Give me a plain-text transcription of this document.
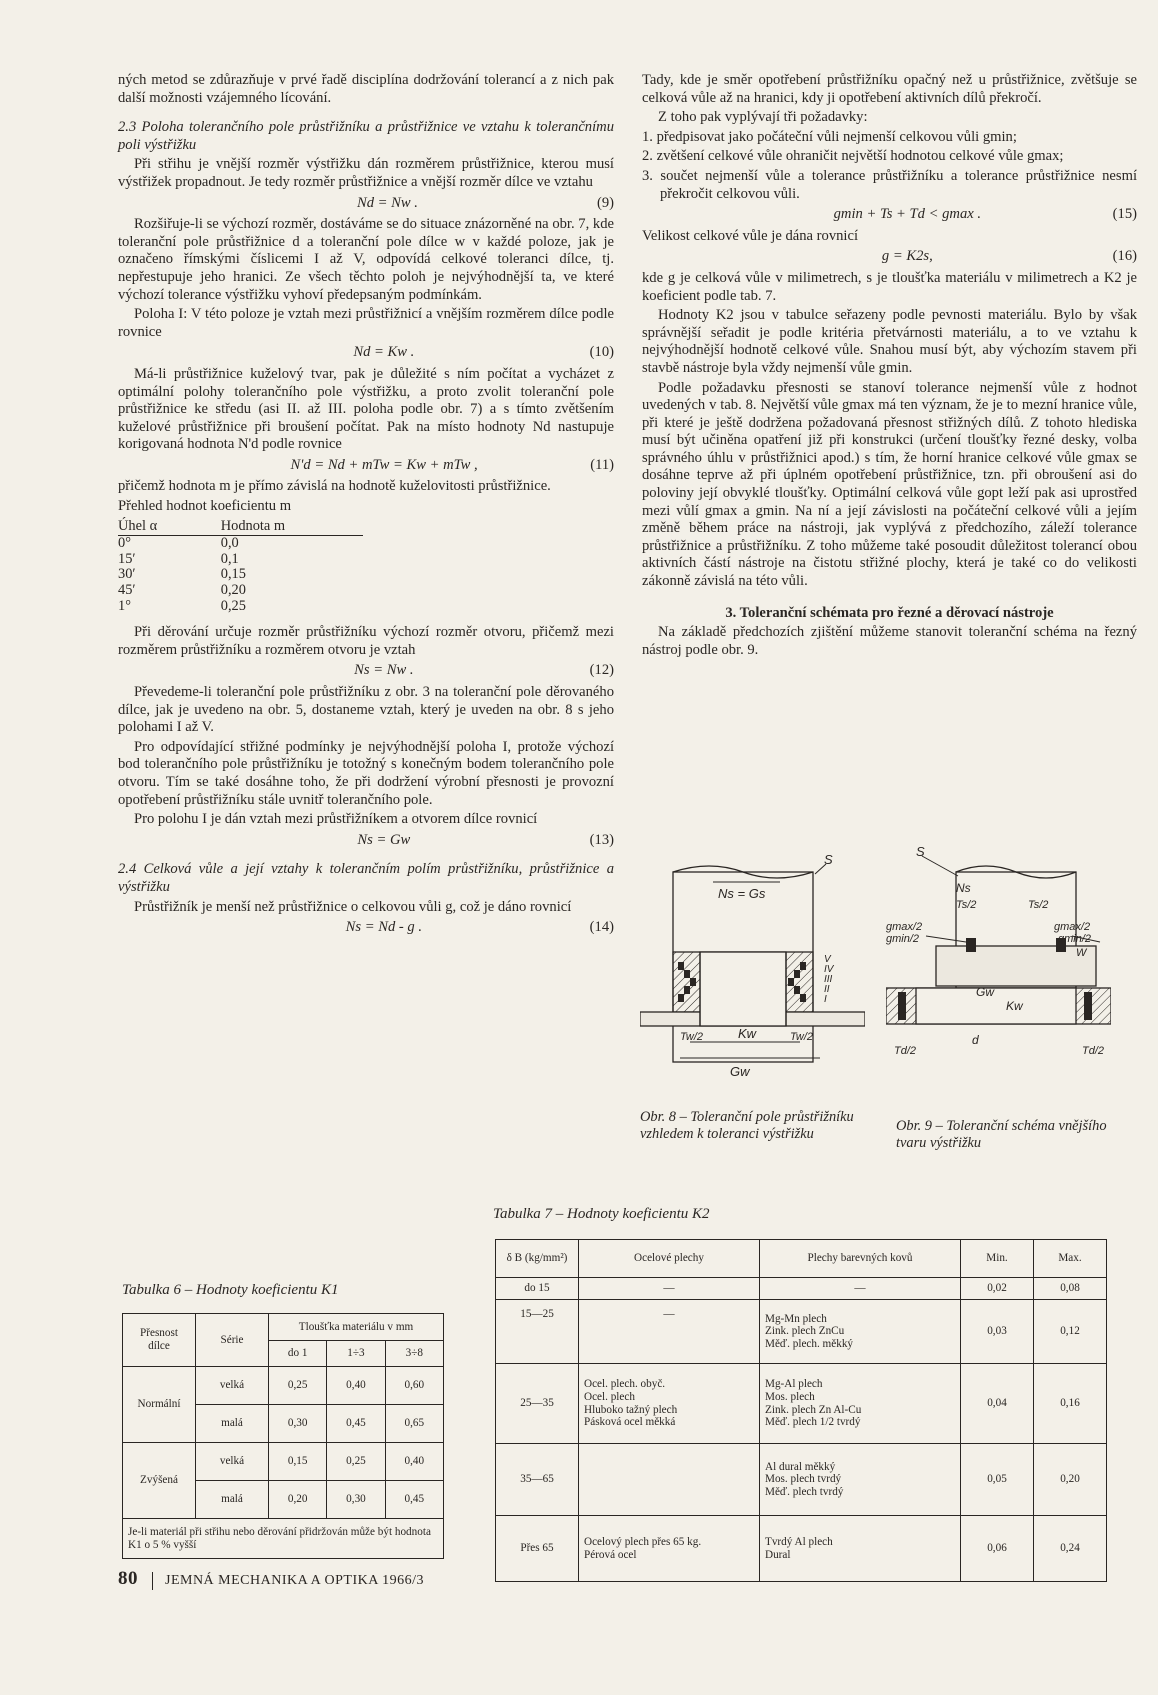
ných metod se zdůrazňuje v prvé řadě disciplína dodržování tolerancí a z nich pak další možnosti vzájemného lícování.

2.3 Poloha tolerančního pole průstřižníku a průstřižnice ve vztahu k tolerančnímu poli výstřižku

Při střihu je vnější rozměr výstřižku dán rozměrem průstřižnice, kterou musí výstřižek propadnout. Je tedy rozměr průstřižnice a vnější rozměr dílce ve vztahu

Nd = Nw .	(9)

Rozšiřuje-li se výchozí rozměr, dostáváme se do situace znázorněné na obr. 7, kde toleranční pole průstřižnice d a toleranční pole dílce w v každé poloze, jak je označeno římskými číslicemi I až V, odpovídá celkové toleranci dílce, tj. nepřestupuje jeho hranici. Ze všech těchto poloh je nejvýhodnější ta, ve které výchozí tolerance výstřižku vyhoví předepsaným podmínkám.

Poloha I: V této poloze je vztah mezi průstřižnicí a vnějším rozměrem dílce podle rovnice

Nd = Kw .	(10)

Má-li průstřižnice kuželový tvar, pak je důležité s ním počítat a vycházet z optimální polohy tolerančního pole výstřižku, a proto zvolit toleranční pole průstřižnice ke středu (asi II. až III. poloha podle obr. 7) a s tímto zvětšením kuželové průstřižnice při broušení počítat. Pak na místo hodnoty Nd nastupuje korigovaná hodnota N'd podle rovnice

N'd = Nd + mTw = Kw + mTw ,	(11)

přičemž hodnota m je přímo závislá na hodnotě kuželovitosti průstřižnice.

Přehled hodnot koeficientu m

Úhel α	Hodnota m
0°	0,0
15′	0,1
30′	0,15
45′	0,20
1°	0,25

Při děrování určuje rozměr průstřižníku výchozí rozměr otvoru, přičemž mezi rozměrem průstřižníku a rozměrem otvoru je vztah

Ns = Nw .	(12)

Převedeme-li toleranční pole průstřižníku z obr. 3 na toleranční pole děrovaného dílce, jak je uvedeno na obr. 5, dostaneme vztah, který je uveden na obr. 8 s jeho polohami I až V.

Pro odpovídající střižné podmínky je nejvýhodnější poloha I, protože výchozí bod tolerančního pole průstřižníku je totožný s konečným bodem tolerančního pole otvoru. Tím se také dosáhne toho, že při dodržení výrobní přesnosti je provozní opotřebení průstřižníku stále uvnitř tolerančního pole.

Pro polohu I je dán vztah mezi průstřižníkem a otvorem dílce rovnicí

Ns = Gw	(13)

2.4 Celková vůle a její vztahy k tolerančním polím průstřižníku, průstřižnice a výstřižku

Průstřižník je menší než průstřižnice o celkovou vůli g, což je dáno rovnicí

Ns = Nd - g .	(14)

Tady, kde je směr opotřebení průstřižníku opačný než u průstřižnice, zvětšuje se celková vůle až na hranici, kdy ji opotřebení aktivních dílů překročí.

Z toho pak vyplývají tři požadavky:

1. předpisovat jako počáteční vůli nejmenší celkovou vůli gmin;

2. zvětšení celkové vůle ohraničit největší hodnotou celkové vůle gmax;

3. součet nejmenší vůle a tolerance průstřižníku a tolerance průstřižnice nesmí překročit celkovou vůli.

gmin + Ts + Td < gmax .	(15)

Velikost celkové vůle je dána rovnicí

g = K2s,	(16)

kde g je celková vůle v milimetrech, s je tloušťka materiálu v milimetrech a K2 je koeficient podle tab. 7.

Hodnoty K2 jsou v tabulce seřazeny podle pevnosti materiálu. Bylo by však správnější seřadit je podle kritéria přetvárnosti materiálu, a to ve vztahu k nejvýhodnější hodnotě celkové vůle. Snahou musí být, aby výchozím stavem při stavbě nástroje byla vždy nejmenší vůle gmin.

Podle požadavku přesnosti se stanoví tolerance nejmenší vůle z hodnot uvedených v tab. 8. Největší vůle gmax má ten význam, že je to mezní hranice vůle, při které je ještě dodržena požadovaná přesnost střižných dílů. Z tohoto hlediska musí být učiněna opatření již při konstrukci (určení tloušťky řezné desky, volba správného úhlu v průstřižnici apod.) s tím, že horní hranice celkové vůle gmax se dosáhne teprve až při úplném opotřebení průstřižnice, tzn. při obroušení asi do poloviny její obvyklé tloušťky. Optimální celková vůle gopt leží pak asi uprostřed mezi vůlí gmax a gmin. Na ní a její závislosti na počáteční celkové vůli a jejím změně během práce na nástroji, jak vyplývá z předchozího, záleží tolerance průstřižnice a průstřižníku. Z toho můžeme také posoudit důležitost tolerancí obou aktivních částí nástroje na čistotu střižné plochy, která je také co do velikosti zákonně závislá na této vůli.

3. Toleranční schémata pro řezné a děrovací nástroje

Na základě předchozích zjištění můžeme stanovit toleranční schéma na řezný nástroj podle obr. 9.

S
Ns = Gs
Kw
Gw
Tw/2	Tw/2
V
IV
III
II
I
Obr. 8 – Toleranční pole průstřižníku vzhledem k toleranci výstřižku
S
Ns
Ts/2	Ts/2
gmax/2
gmin/2
gmax/2
gmin/2
W
Gw
Kw
Td/2
d
Td/2
Obr. 9 – Toleranční schéma vnějšího tvaru výstřižku
Tabulka 6 – Hodnoty koeficientu K1
Přesnost dílce	Série	Tloušťka materiálu v mm		
		do 1	1÷3	3÷8
Normální	velká	0,25	0,40	0,60
	malá	0,30	0,45	0,65
Zvýšená	velká	0,15	0,25	0,40
	malá	0,20	0,30	0,45
Je-li materiál při střihu nebo děrování přidržován může být hodnota K1 o 5 % vyšší				
Tabulka 7 – Hodnoty koeficientu K2
δ B (kg/mm²)	Ocelové plechy	Plechy barevných kovů	Min.	Max.
do 15	—	—	0,02	0,08
15—25	—	Mg-Mn plech
Zink. plech ZnCu
Měď. plech. měkký	0,03	0,12
25—35	Ocel. plech. obyč.
Ocel. plech
Hluboko tažný plech
Pásková ocel měkká	Mg-Al plech
Mos. plech
Zink. plech Zn Al-Cu
Měď. plech 1/2 tvrdý	0,04	0,16
35—65		Al dural měkký
Mos. plech tvrdý
Měď. plech tvrdý	0,05	0,20
Přes 65	Ocelový plech přes 65 kg.
Pérová ocel	Tvrdý Al plech
Dural	0,06	0,24
80 JEMNÁ MECHANIKA A OPTIKA 1966/3
